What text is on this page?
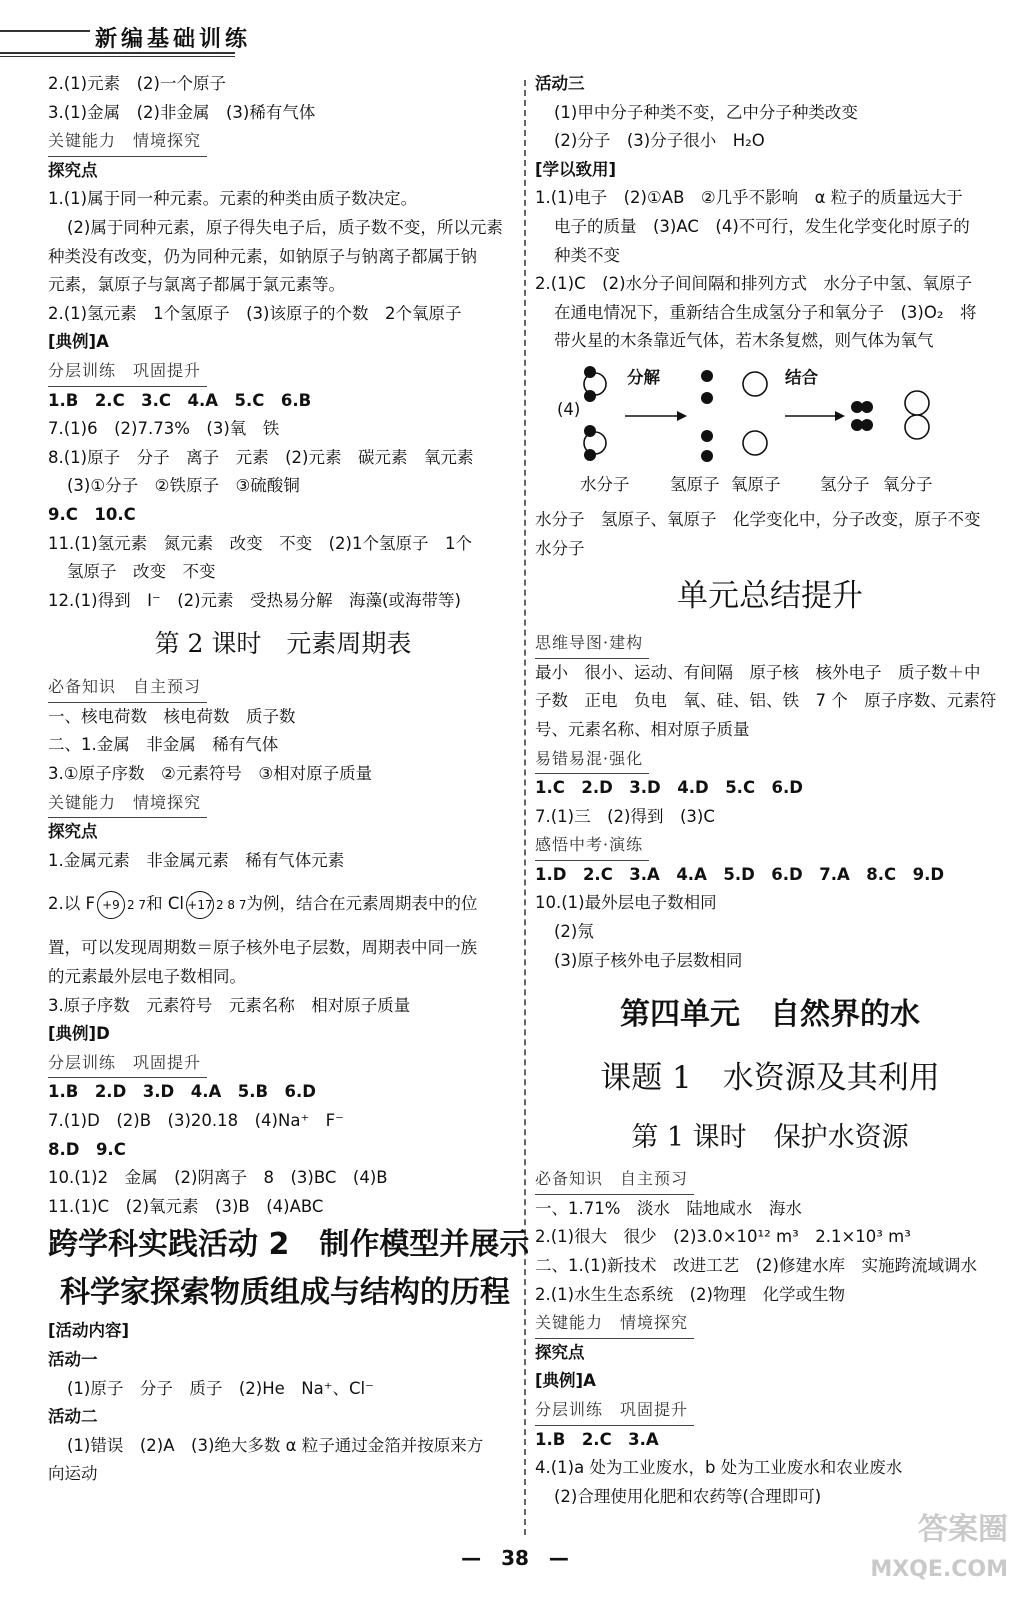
新编基础训练
2.(1)元素　(2)一个原子
3.(1)金属　(2)非金属　(3)稀有气体
关键能力　情境探究
探究点
1.(1)属于同一种元素。元素的种类由质子数决定。
(2)属于同种元素，原子得失电子后，质子数不变，所以元素
种类没有改变，仍为同种元素，如钠原子与钠离子都属于钠
元素，氯原子与氯离子都属于氯元素等。
2.(1)氢元素　1个氢原子　(3)该原子的个数　2个氧原子
[典例]A
分层训练　巩固提升
1.B　2.C　3.C　4.A　5.C　6.B
7.(1)6　(2)7.73%　(3)氧　铁
8.(1)原子　分子　离子　元素　(2)元素　碳元素　氧元素
(3)①分子　②铁原子　③硫酸铜
9.C　10.C
11.(1)氢元素　氮元素　改变　不变　(2)1个氢原子　1个
氢原子　改变　不变
12.(1)得到　I⁻　(2)元素　受热易分解　海藻(或海带等)
第 2 课时　元素周期表
必备知识　自主预习
一、核电荷数　核电荷数　质子数
二、1.金属　非金属　稀有气体
3.①原子序数　②元素符号　③相对原子质量
关键能力　情境探究
探究点
1.金属元素　非金属元素　稀有气体元素
2.以 F +9 2 7和 Cl +17 2 8 7为例，结合在元素周期表中的位
置，可以发现周期数＝原子核外电子层数，周期表中同一族
的元素最外层电子数相同。
3.原子序数　元素符号　元素名称　相对原子质量
[典例]D
分层训练　巩固提升
1.B　2.D　3.D　4.A　5.B　6.D
7.(1)D　(2)B　(3)20.18　(4)Na⁺　F⁻
8.D　9.C
10.(1)2　金属　(2)阴离子　8　(3)BC　(4)B
11.(1)C　(2)氧元素　(3)B　(4)ABC
跨学科实践活动 2　制作模型并展示
科学家探索物质组成与结构的历程
[活动内容]
活动一
(1)原子　分子　质子　(2)He　Na⁺、Cl⁻
活动二
(1)错误　(2)A　(3)绝大多数 α 粒子通过金箔并按原来方
向运动
活动三
(1)甲中分子种类不变，乙中分子种类改变
(2)分子　(3)分子很小　H₂O
[学以致用]
1.(1)电子　(2)①AB　②几乎不影响　α 粒子的质量远大于
电子的质量　(3)AC　(4)不可行，发生化学变化时原子的
种类不变
2.(1)C　(2)水分子间间隔和排列方式　水分子中氢、氧原子
在通电情况下，重新结合生成氢分子和氧分子　(3)O₂　将
带火星的木条靠近气体，若木条复燃，则气体为氧气
(4)
分解	结合
水分子 氢原子 氧原子 氢分子 氧分子
水分子　氢原子、氧原子　化学变化中，分子改变，原子不变
水分子
单元总结提升
思维导图·建构
最小　很小、运动、有间隔　原子核　核外电子　质子数＋中
子数　正电　负电　氧、硅、铝、铁　7 个　原子序数、元素符
号、元素名称、相对原子质量
易错易混·强化
1.C　2.D　3.D　4.D　5.C　6.D
7.(1)三　(2)得到　(3)C
感悟中考·演练
1.D　2.C　3.A　4.A　5.D　6.D　7.A　8.C　9.D
10.(1)最外层电子数相同
(2)氖
(3)原子核外电子层数相同
第四单元　自然界的水
课题 1　水资源及其利用
第 1 课时　保护水资源
必备知识　自主预习
一、1.71%　淡水　陆地咸水　海水
2.(1)很大　很少　(2)3.0×10¹² m³　2.1×10³ m³
二、1.(1)新技术　改进工艺　(2)修建水库　实施跨流域调水
2.(1)水生生态系统　(2)物理　化学或生物
关键能力　情境探究
探究点
[典例]A
分层训练　巩固提升
1.B　2.C　3.A
4.(1)a 处为工业废水，b 处为工业废水和农业废水
(2)合理使用化肥和农药等(合理即可)
—　38　—
答案圈
MXQE.COM
